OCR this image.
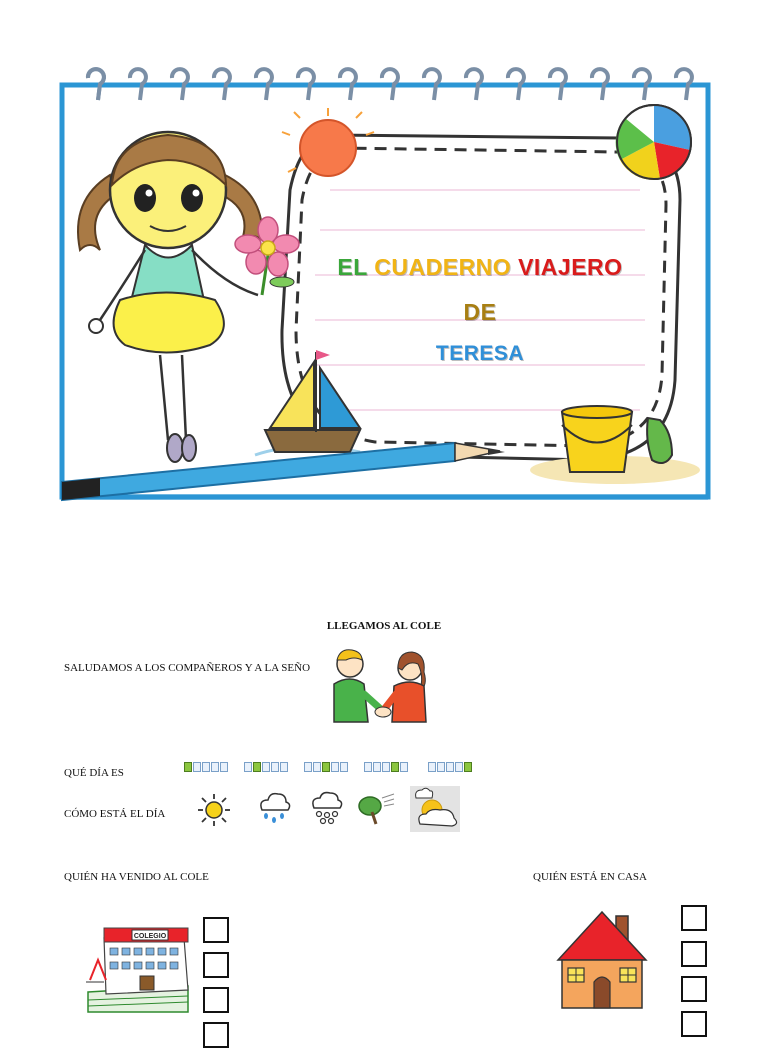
EL CUADERNO VIAJERO
DE
TERESA
LLEGAMOS AL COLE
SALUDAMOS A LOS COMPAÑEROS Y A LA SEÑO
QUÉ DÍA ES
CÓMO ESTÁ EL DÍA
QUIÉN HA VENIDO AL COLE	QUIÉN ESTÁ EN CASA
COLEGIO
